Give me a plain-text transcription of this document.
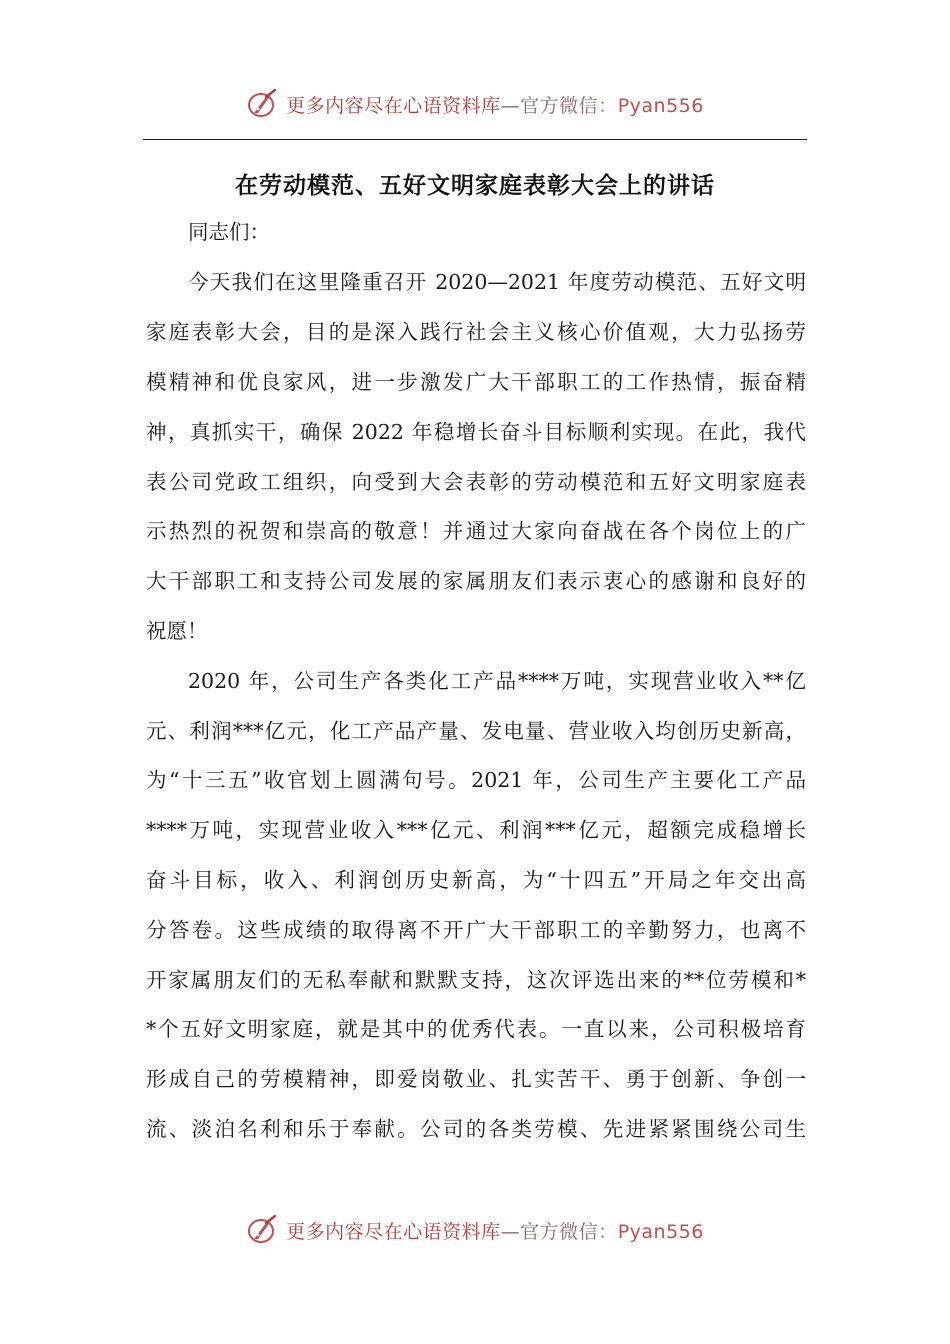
更多内容尽在心语资料库—官方微信：Pyan556
在劳动模范、五好文明家庭表彰大会上的讲话
同志们：
今天我们在这里隆重召开 2020—2021 年度劳动模范、五好文明
家庭表彰大会，目的是深入践行社会主义核心价值观，大力弘扬劳
模精神和优良家风，进一步激发广大干部职工的工作热情，振奋精
神，真抓实干，确保 2022 年稳增长奋斗目标顺利实现。在此，我代
表公司党政工组织，向受到大会表彰的劳动模范和五好文明家庭表
示热烈的祝贺和崇高的敬意！并通过大家向奋战在各个岗位上的广
大干部职工和支持公司发展的家属朋友们表示衷心的感谢和良好的
祝愿！
2020 年，公司生产各类化工产品****万吨，实现营业收入**亿
元、利润***亿元，化工产品产量、发电量、营业收入均创历史新高，
为“十三五”收官划上圆满句号。2021 年，公司生产主要化工产品
****万吨，实现营业收入***亿元、利润***亿元，超额完成稳增长
奋斗目标，收入、利润创历史新高，为“十四五”开局之年交出高
分答卷。这些成绩的取得离不开广大干部职工的辛勤努力，也离不
开家属朋友们的无私奉献和默默支持，这次评选出来的**位劳模和*
*个五好文明家庭，就是其中的优秀代表。一直以来，公司积极培育
形成自己的劳模精神，即爱岗敬业、扎实苦干、勇于创新、争创一
流、淡泊名利和乐于奉献。公司的各类劳模、先进紧紧围绕公司生
更多内容尽在心语资料库—官方微信：Pyan556
